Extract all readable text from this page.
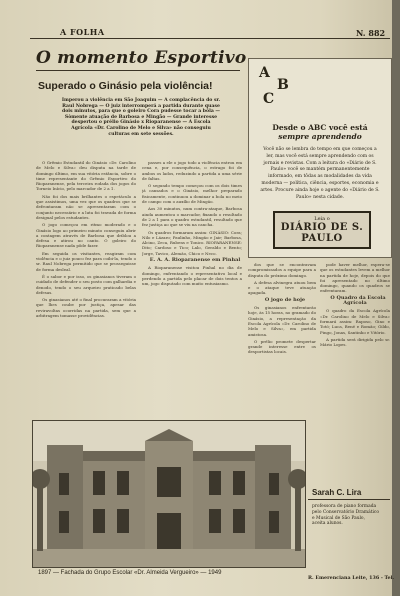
A FOLHA	N. 882
O momento Esportivo
Superado o Ginásio pela violência!
Imperou a violência em São Joaquim — A complacência do sr. Raul Nobrega — O juiz interromperá a partida durante quase dois minutos, para que o goleiro Cora pudesse tocar a bôla — Sòmente atuação de Barbosa e Mingão — Grande interesse despertou o prélio Ginásio x Rioparanense — A Escola Agrícola «Dr. Carolino de Melo e Silva» não conseguiu culturas em sete sessões.

O Grêmio Estudantil do Ginásio «Dr. Carolino de Melo e Silva» deu disputa na tarde de domingo último, em sua vitória estância, sobre o time representante do Grêmio Esportivo do Rioparanense, pela terceira rodada dos jogos do Torneio Início, pelo marcador de 2 a 1.

Não foi dos mais brilhantes o espetáculo a que assistimos, uma vez que os quadros que se defrontaram não se apresentaram com o conjunto necessário e a luta foi travada de forma desigual pelos estudantes.

O jogo começou em ritmo moderado e o Ginásio logo ao primeiro minuto conseguiu abrir a contagem através de Barbosa que driblou a defesa e atirou no canto. O goleiro do Rioparanense nada pôde fazer.

Em seguida os visitantes, reagiram com violência e o juiz pouco fez para coibi-la, tendo o sr. Raul Nobrega permitido que se prosseguisse de forma desleal.

É o sabor e por isso, os ginasianos tiveram o cuidado de defender o seu posto com galhardia e denodo, tendo o seu arqueiro praticado belas defesas.

Os ginasianos até o final procuraram a vitória que lhes coube por justiça, apesar das reviravoltas ocorridas na partida, sem que a arbitragem tomasse providências.

passes a ele o jogo todo a violência entrou em cena e, por consequência, o estrago foi de ambos os lados, reduzindo a partida a uma série de faltas.

O segundo tempo começou com os dois times já cansados e o Ginásio, melhor preparado fisicamente, continuou a dominar a bola no meio de campo com o auxílio de Mingão.

Aos 30 minutos, num contra-ataque, Barbosa ainda aumentou o marcador, fixando o resultado de 2 a 1 para o quadro estudantil, resultado que fez justiça ao que se viu na cancha.

Os quadros formaram assim: GINÁSIO: Cora; Nilo e Lázaro; Paulinho, Mingão e Jair; Barbosa, Alcino, Zeca, Rubens e Tonico. RIOPARANENSE: Dito; Cardoso e Tico; Lalo, Geraldo e Bento; Jorge, Tavico, Alemão, Chico e Neco.

E. A. A. Rioparanense em Pinhal

A Rioparanense visitou Pinhal no dia de domingo, enfrentando o representativo local e perdendo a partida pelo placar de dois tentos a um, jogo disputado com muito entusiasmo.

A
B
C
Desde o ABC você está
sempre aprendendo
Você não se lembra do tempo em que começou a ler, mas você está sempre aprendendo com os jornais e revistas. Com a leitura do «Diário de S. Paulo» você se mantém permanentemente informado, em tôdas as modalidades da vida moderna — política, ciência, esportes, economia e artes. Procure ainda hoje o agente do «Diário de S. Paulo» nesta cidade.
Leia o
DIÁRIO DE S. PAULO

dos que se encontravam compromissados a equipe para a disputa do próximo domingo.

A defesa alvinegra atuou bem e o ataque teve atuação apagada.

O jogo de hoje

Os ginasianos enfrentarão hoje, às 15 horas, no gramado do Ginásio, a representação da Escola Agrícola «Dr. Carolino de Melo e Silva», em partida amistosa.

O prélio promete despertar grande interesse entre os desportistas locais.

pode haver melhor, espera-se que os estudantes levem a melhor na partida de hoje, depois do que foi apresentado no último domingo, quando os quadros se enfrentaram.

O Quadro da Escola Agrícola

O quadro da Escola Agrícola «Dr. Carolino de Melo e Silva» formará assim: Raposo, Gino e Totó; Luca, Bené e Romão; Gildo, Pingo, Jonas, Santinho e Vitório.

A partida será dirigida pelo sr. Mário Lopes.

1897 — Fachada do Grupo Escolar «Dr. Almeida Vergueiro» — 1949
Sarah C. Lira
professora de piano formada
pelo Conservatório Dramático
e Musical de São Paulo,
aceita alunos.
R. Emerenciana Leite, 136 - Tel.
